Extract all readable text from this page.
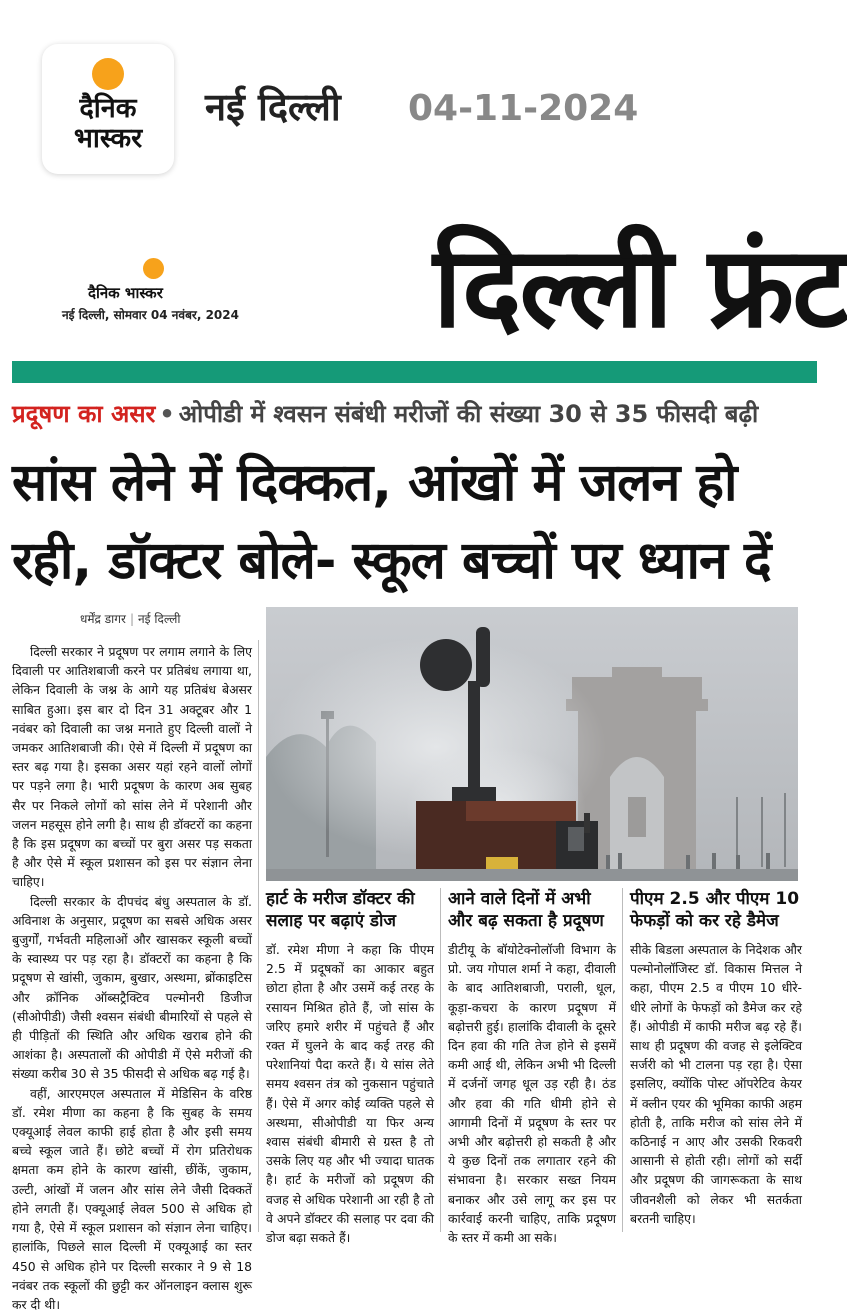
दैनिक
भास्कर
नई दिल्ली 04-11-2024
दैनिक भास्कर
नई दिल्ली, सोमवार 04 नवंबर, 2024 दिल्ली फ्रंट
प्रदूषण का असर • ओपीडी में श्वसन संबंधी मरीजों की संख्या 30 से 35 फीसदी बढ़ी
सांस लेने में दिक्कत, आंखों में जलन हो
रही, डॉक्टर बोले- स्कूल बच्चों पर ध्यान दें
धर्मेंद्र डागर | नई दिल्ली

दिल्ली सरकार ने प्रदूषण पर लगाम लगाने के लिए दिवाली पर आतिशबाजी करने पर प्रतिबंध लगाया था, लेकिन दिवाली के जश्न के आगे यह प्रतिबंध बेअसर साबित हुआ। इस बार दो दिन 31 अक्टूबर और 1 नवंबर को दिवाली का जश्न मनाते हुए दिल्ली वालों ने जमकर आतिशबाजी की। ऐसे में दिल्ली में प्रदूषण का स्तर बढ़ गया है। इसका असर यहां रहने वालों लोगों पर पड़ने लगा है। भारी प्रदूषण के कारण अब सुबह सैर पर निकले लोगों को सांस लेने में परेशानी और जलन महसूस होने लगी है। साथ ही डॉक्टरों का कहना है कि इस प्रदूषण का बच्चों पर बुरा असर पड़ सकता है और ऐसे में स्कूल प्रशासन को इस पर संज्ञान लेना चाहिए।

दिल्ली सरकार के दीपचंद बंधु अस्पताल के डॉ. अविनाश के अनुसार, प्रदूषण का सबसे अधिक असर बुजुर्गों, गर्भवती महिलाओं और खासकर स्कूली बच्चों के स्वास्थ्य पर पड़ रहा है। डॉक्टरों का कहना है कि प्रदूषण से खांसी, जुकाम, बुखार, अस्थमा, ब्रोंकाइटिस और क्रॉनिक ऑब्सट्रैक्टिव पल्मोनरी डिजीज (सीओपीडी) जैसी श्वसन संबंधी बीमारियों से पहले से ही पीड़ितों की स्थिति और अधिक खराब होने की आशंका है। अस्पतालों की ओपीडी में ऐसे मरीजों की संख्या करीब 30 से 35 फीसदी से अधिक बढ़ गई है।

वहीं, आरएमएल अस्पताल में मेडिसिन के वरिष्ठ डॉ. रमेश मीणा का कहना है कि सुबह के समय एक्यूआई लेवल काफी हाई होता है और इसी समय बच्चे स्कूल जाते हैं। छोटे बच्चों में रोग प्रतिरोधक क्षमता कम होने के कारण खांसी, छींकें, जुकाम, उल्टी, आंखों में जलन और सांस लेने जैसी दिक्कतें होने लगती हैं। एक्यूआई लेवल 500 से अधिक हो गया है, ऐसे में स्कूल प्रशासन को संज्ञान लेना चाहिए। हालांकि, पिछले साल दिल्ली में एक्यूआई का स्तर 450 से अधिक होने पर दिल्ली सरकार ने 9 से 18 नवंबर तक स्कूलों की छुट्टी कर ऑनलाइन क्लास शुरू कर दी थी।

हार्ट के मरीज डॉक्टर की सलाह पर बढ़ाएं डोज

डॉ. रमेश मीणा ने कहा कि पीएम 2.5 में प्रदूषकों का आकार बहुत छोटा होता है और उसमें कई तरह के रसायन मिश्रित होते हैं, जो सांस के जरिए हमारे शरीर में पहुंचते हैं और रक्त में घुलने के बाद कई तरह की परेशानियां पैदा करते हैं। ये सांस लेते समय श्वसन तंत्र को नुकसान पहुंचाते हैं। ऐसे में अगर कोई व्यक्ति पहले से अस्थमा, सीओपीडी या फिर अन्य श्वास संबंधी बीमारी से ग्रस्त है तो उसके लिए यह और भी ज्यादा घातक है। हार्ट के मरीजों को प्रदूषण की वजह से अधिक परेशानी आ रही है तो वे अपने डॉक्टर की सलाह पर दवा की डोज बढ़ा सकते हैं।

आने वाले दिनों में अभी और बढ़ सकता है प्रदूषण

डीटीयू के बॉयोटेक्नोलॉजी विभाग के प्रो. जय गोपाल शर्मा ने कहा, दीवाली के बाद आतिशबाजी, पराली, धूल, कूड़ा-कचरा के कारण प्रदूषण में बढ़ोत्तरी हुई। हालांकि दीवाली के दूसरे दिन हवा की गति तेज होने से इसमें कमी आई थी, लेकिन अभी भी दिल्ली में दर्जनों जगह धूल उड़ रही है। ठंड और हवा की गति धीमी होने से आगामी दिनों में प्रदूषण के स्तर पर अभी और बढ़ोत्तरी हो सकती है और ये कुछ दिनों तक लगातार रहने की संभावना है। सरकार सख्त नियम बनाकर और उसे लागू कर इस पर कार्रवाई करनी चाहिए, ताकि प्रदूषण के स्तर में कमी आ सके।

पीएम 2.5 और पीएम 10 फेफड़ों को कर रहे डैमेज

सीके बिडला अस्पताल के निदेशक और पल्मोनोलॉजिस्ट डॉ. विकास मित्तल ने कहा, पीएम 2.5 व पीएम 10 धीरे-धीरे लोगों के फेफड़ों को डैमेज कर रहे हैं। ओपीडी में काफी मरीज बढ़ रहे हैं। साथ ही प्रदूषण की वजह से इलेक्टिव सर्जरी को भी टालना पड़ रहा है। ऐसा इसलिए, क्योंकि पोस्ट ऑपरेटिव केयर में क्लीन एयर की भूमिका काफी अहम होती है, ताकि मरीज को सांस लेने में कठिनाई न आए और उसकी रिकवरी आसानी से होती रही। लोगों को सर्दी और प्रदूषण की जागरूकता के साथ जीवनशैली को लेकर भी सतर्कता बरतनी चाहिए।
